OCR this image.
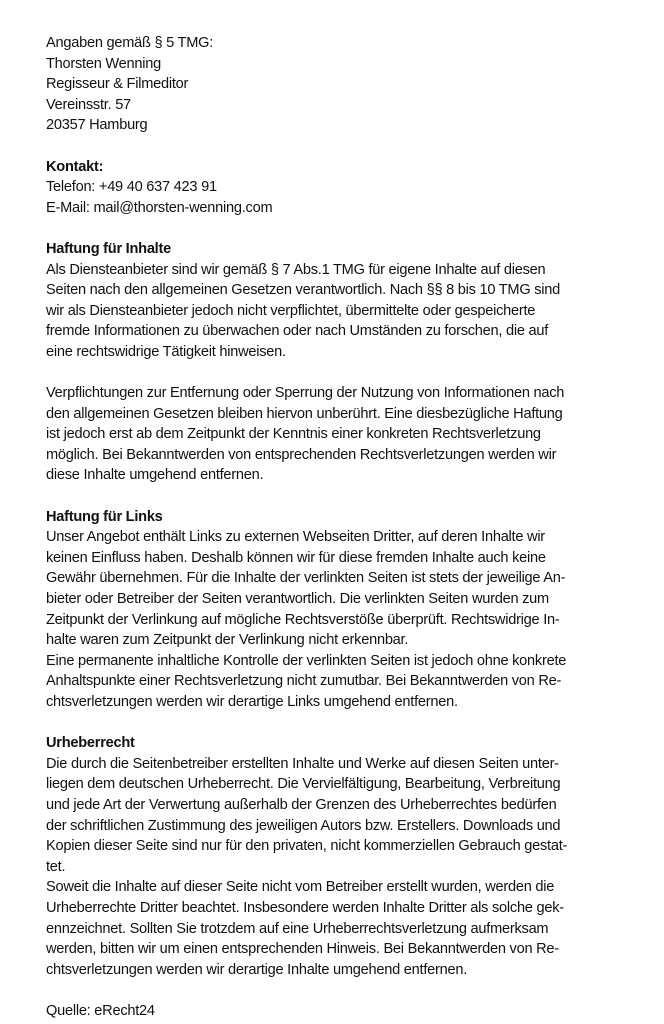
Angaben gemäß § 5 TMG:
Thorsten Wenning
Regisseur & Filmeditor
Vereinsstr. 57
20357 Hamburg
Kontakt:
Telefon: +49 40 637 423 91
E-Mail: mail@thorsten-wenning.com
Haftung für Inhalte
Als Diensteanbieter sind wir gemäß § 7 Abs.1 TMG für eigene Inhalte auf diesen
Seiten nach den allgemeinen Gesetzen verantwortlich. Nach §§ 8 bis 10 TMG sind
wir als Diensteanbieter jedoch nicht verpflichtet, übermittelte oder gespeicherte
fremde Informationen zu überwachen oder nach Umständen zu forschen, die auf
eine rechtswidrige Tätigkeit hinweisen.
Verpflichtungen zur Entfernung oder Sperrung der Nutzung von Informationen nach
den allgemeinen Gesetzen bleiben hiervon unberührt. Eine diesbezügliche Haftung
ist jedoch erst ab dem Zeitpunkt der Kenntnis einer konkreten Rechtsverletzung
möglich. Bei Bekanntwerden von entsprechenden Rechtsverletzungen werden wir
diese Inhalte umgehend entfernen.
Haftung für Links
Unser Angebot enthält Links zu externen Webseiten Dritter, auf deren Inhalte wir
keinen Einfluss haben. Deshalb können wir für diese fremden Inhalte auch keine
Gewähr übernehmen. Für die Inhalte der verlinkten Seiten ist stets der jeweilige An-
bieter oder Betreiber der Seiten verantwortlich. Die verlinkten Seiten wurden zum
Zeitpunkt der Verlinkung auf mögliche Rechtsverstöße überprüft. Rechtswidrige In-
halte waren zum Zeitpunkt der Verlinkung nicht erkennbar.
Eine permanente inhaltliche Kontrolle der verlinkten Seiten ist jedoch ohne konkrete
Anhaltspunkte einer Rechtsverletzung nicht zumutbar. Bei Bekanntwerden von Re-
chtsverletzungen werden wir derartige Links umgehend entfernen.
Urheberrecht
Die durch die Seitenbetreiber erstellten Inhalte und Werke auf diesen Seiten unter-
liegen dem deutschen Urheberrecht. Die Vervielfältigung, Bearbeitung, Verbreitung
und jede Art der Verwertung außerhalb der Grenzen des Urheberrechtes bedürfen
der schriftlichen Zustimmung des jeweiligen Autors bzw. Erstellers. Downloads und
Kopien dieser Seite sind nur für den privaten, nicht kommerziellen Gebrauch gestat-
tet.
Soweit die Inhalte auf dieser Seite nicht vom Betreiber erstellt wurden, werden die
Urheberrechte Dritter beachtet. Insbesondere werden Inhalte Dritter als solche gek-
ennzeichnet. Sollten Sie trotzdem auf eine Urheberrechtsverletzung aufmerksam
werden, bitten wir um einen entsprechenden Hinweis. Bei Bekanntwerden von Re-
chtsverletzungen werden wir derartige Inhalte umgehend entfernen.
Quelle: eRecht24
